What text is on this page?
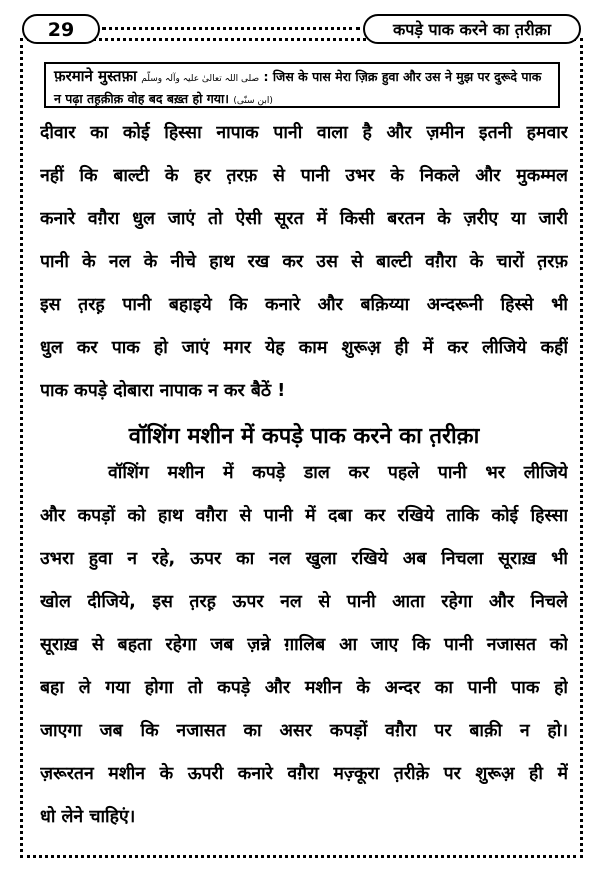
29	कपड़े पाक करने का त़रीक़ा
फ़रमाने मुस्तफ़ा صلی اللہ تعالیٰ علیہ وآلہ وسلّم : जिस के पास मेरा ज़िक्र हुवा और उस ने मुझ पर दुरूदे पाक
न पढ़ा तह़क़ीक़ वोह बद बख़्त हो गया। (ابن سنّی)
दीवार का कोई हिस्सा नापाक पानी वाला है और ज़मीन इतनी हमवार
नहीं कि बाल्टी के हर त़रफ़ से पानी उभर के निकले और मुकम्मल
कनारे वग़ैरा धुल जाएं तो ऐसी सूरत में किसी बरतन के ज़रीए या जारी
पानी के नल के नीचे हाथ रख कर उस से बाल्टी वग़ैरा के चारों त़रफ़
इस त़रह़ पानी बहाइये कि कनारे और बक़िय्या अन्दरूनी हिस्से भी
धुल कर पाक हो जाएं मगर येह काम शुरूअ़ ही में कर लीजिये कहीं
पाक कपड़े दोबारा नापाक न कर बैठें !
वॉशिंग मशीन में कपड़े पाक करने का त़रीक़ा
वॉशिंग मशीन में कपड़े डाल कर पहले पानी भर लीजिये
और कपड़ों को हाथ वग़ैरा से पानी में दबा कर रखिये ताकि कोई हिस्सा
उभरा हुवा न रहे, ऊपर का नल खुला रखिये अब निचला सूराख़ भी
खोल दीजिये, इस त़रह़ ऊपर नल से पानी आता रहेगा और निचले
सूराख़ से बहता रहेगा जब ज़न्ने ग़ालिब आ जाए कि पानी नजासत को
बहा ले गया होगा तो कपड़े और मशीन के अन्दर का पानी पाक हो
जाएगा जब कि नजासत का असर कपड़ों वग़ैरा पर बाक़ी न हो।
ज़रूरतन मशीन के ऊपरी कनारे वग़ैरा मज़्कूरा त़रीक़े पर शुरूअ़ ही में
धो लेने चाहिएं।
